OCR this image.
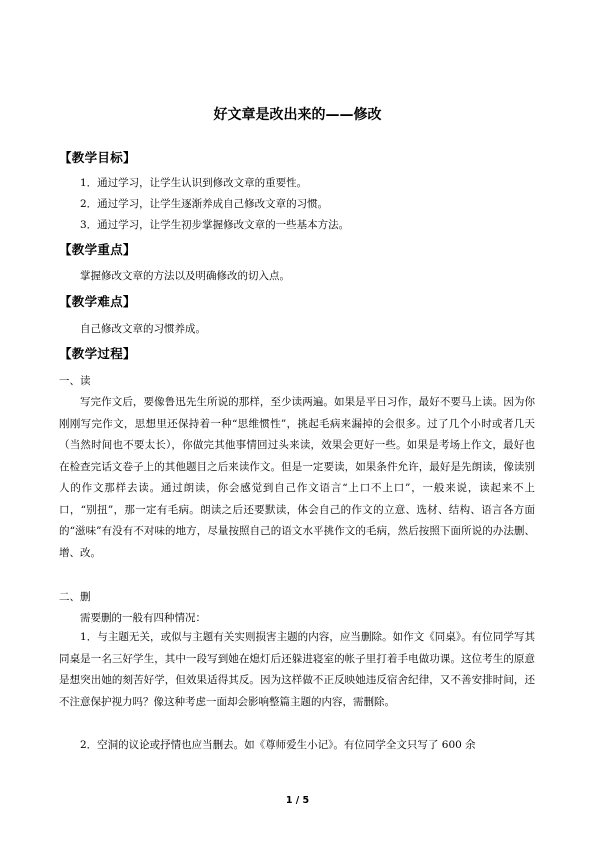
好文章是改出来的——修改
【教学目标】
1．通过学习，让学生认识到修改文章的重要性。
2．通过学习，让学生逐渐养成自己修改文章的习惯。
3．通过学习，让学生初步掌握修改文章的一些基本方法。
【教学重点】
掌握修改文章的方法以及明确修改的切入点。
【教学难点】
自己修改文章的习惯养成。
【教学过程】
一、读
写完作文后，要像鲁迅先生所说的那样，至少读两遍。如果是平日习作，最好不要马上读。因为你刚刚写完作文，思想里还保持着一种“思维惯性”，挑起毛病来漏掉的会很多。过了几个小时或者几天（当然时间也不要太长），你做完其他事情回过头来读，效果会更好一些。如果是考场上作文，最好也在检查完话文卷子上的其他题目之后来读作文。但是一定要读，如果条件允许，最好是先朗读，像读别人的作文那样去读。通过朗读，你会感觉到自己作文语言“上口不上口”，一般来说，读起来不上口，“别扭”，那一定有毛病。朗读之后还要默读，体会自己的作文的立意、选材、结构、语言各方面的“滋味”有没有不对味的地方，尽量按照自己的语文水平挑作文的毛病，然后按照下面所说的办法删、增、改。
二、删
需要删的一般有四种情况：
1．与主题无关，或似与主题有关实则损害主题的内容，应当删除。如作文《同桌》。有位同学写其同桌是一名三好学生，其中一段写到她在熄灯后还躲进寝室的帐子里打着手电做功课。这位考生的原意是想突出她的刻苦好学，但效果适得其反。因为这样做不正反映她违反宿舍纪律，又不善安排时间，还不注意保护视力吗？像这种考虑一面却会影响整篇主题的内容，需删除。
2．空洞的议论或抒情也应当删去。如《尊师爱生小记》。有位同学全文只写了 600 余
1 / 5
